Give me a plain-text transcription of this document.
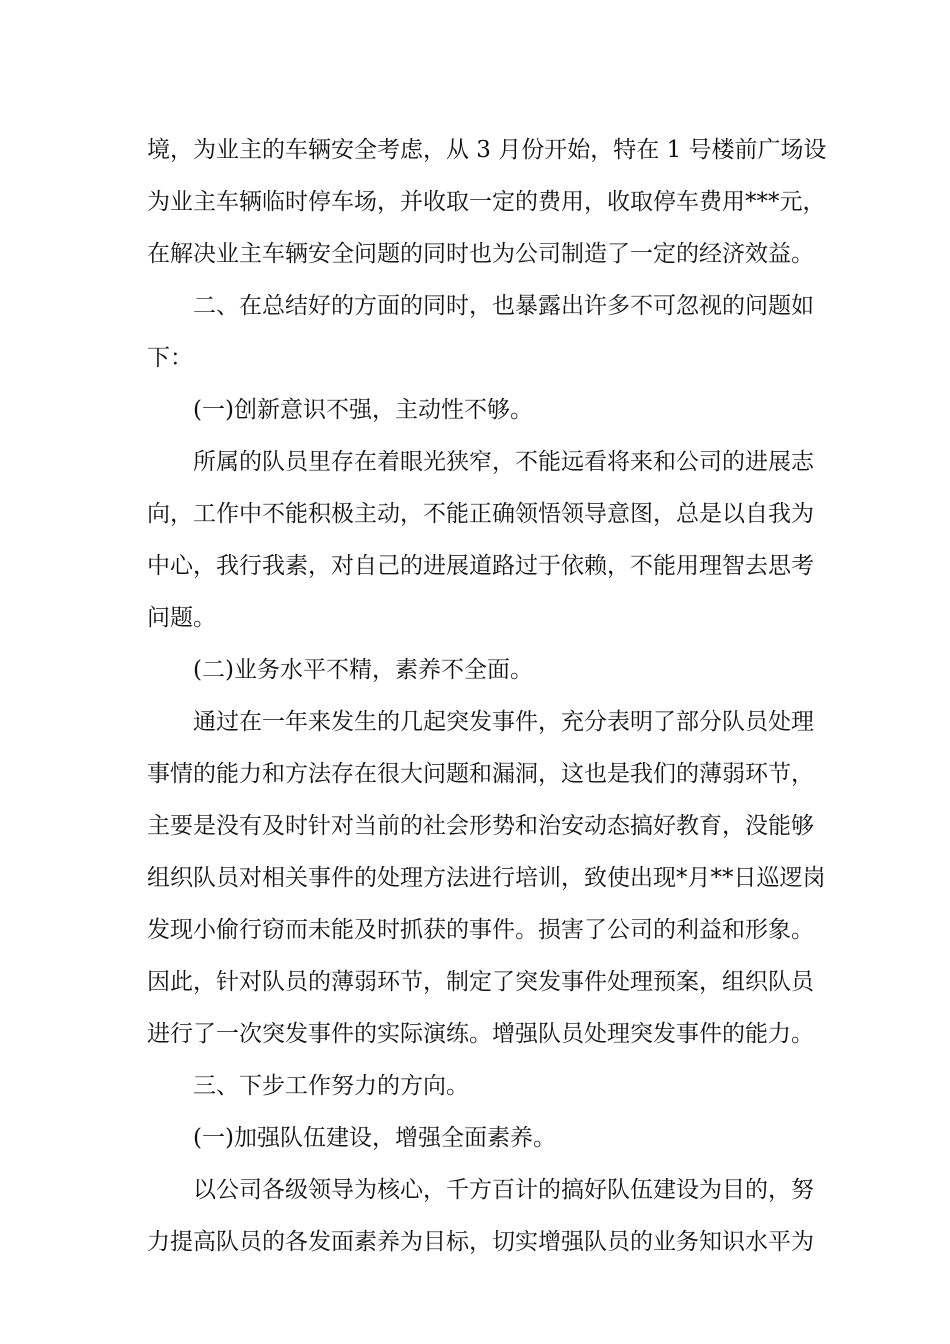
境，为业主的车辆安全考虑，从 3 月份开始，特在 1 号楼前广场设

为业主车辆临时停车场，并收取一定的费用，收取停车费用***元，

在解决业主车辆安全问题的同时也为公司制造了一定的经济效益。

二、在总结好的方面的同时，也暴露出许多不可忽视的问题如

下：

(一)创新意识不强，主动性不够。

所属的队员里存在着眼光狭窄，不能远看将来和公司的进展志

向，工作中不能积极主动，不能正确领悟领导意图，总是以自我为

中心，我行我素，对自己的进展道路过于依赖，不能用理智去思考

问题。

(二)业务水平不精，素养不全面。

通过在一年来发生的几起突发事件，充分表明了部分队员处理

事情的能力和方法存在很大问题和漏洞，这也是我们的薄弱环节，

主要是没有及时针对当前的社会形势和治安动态搞好教育，没能够

组织队员对相关事件的处理方法进行培训，致使出现*月**日巡逻岗

发现小偷行窃而未能及时抓获的事件。损害了公司的利益和形象。

因此，针对队员的薄弱环节，制定了突发事件处理预案，组织队员

进行了一次突发事件的实际演练。增强队员处理突发事件的能力。

三、下步工作努力的方向。

(一)加强队伍建设，增强全面素养。

以公司各级领导为核心，千方百计的搞好队伍建设为目的，努

力提高队员的各发面素养为目标，切实增强队员的业务知识水平为
